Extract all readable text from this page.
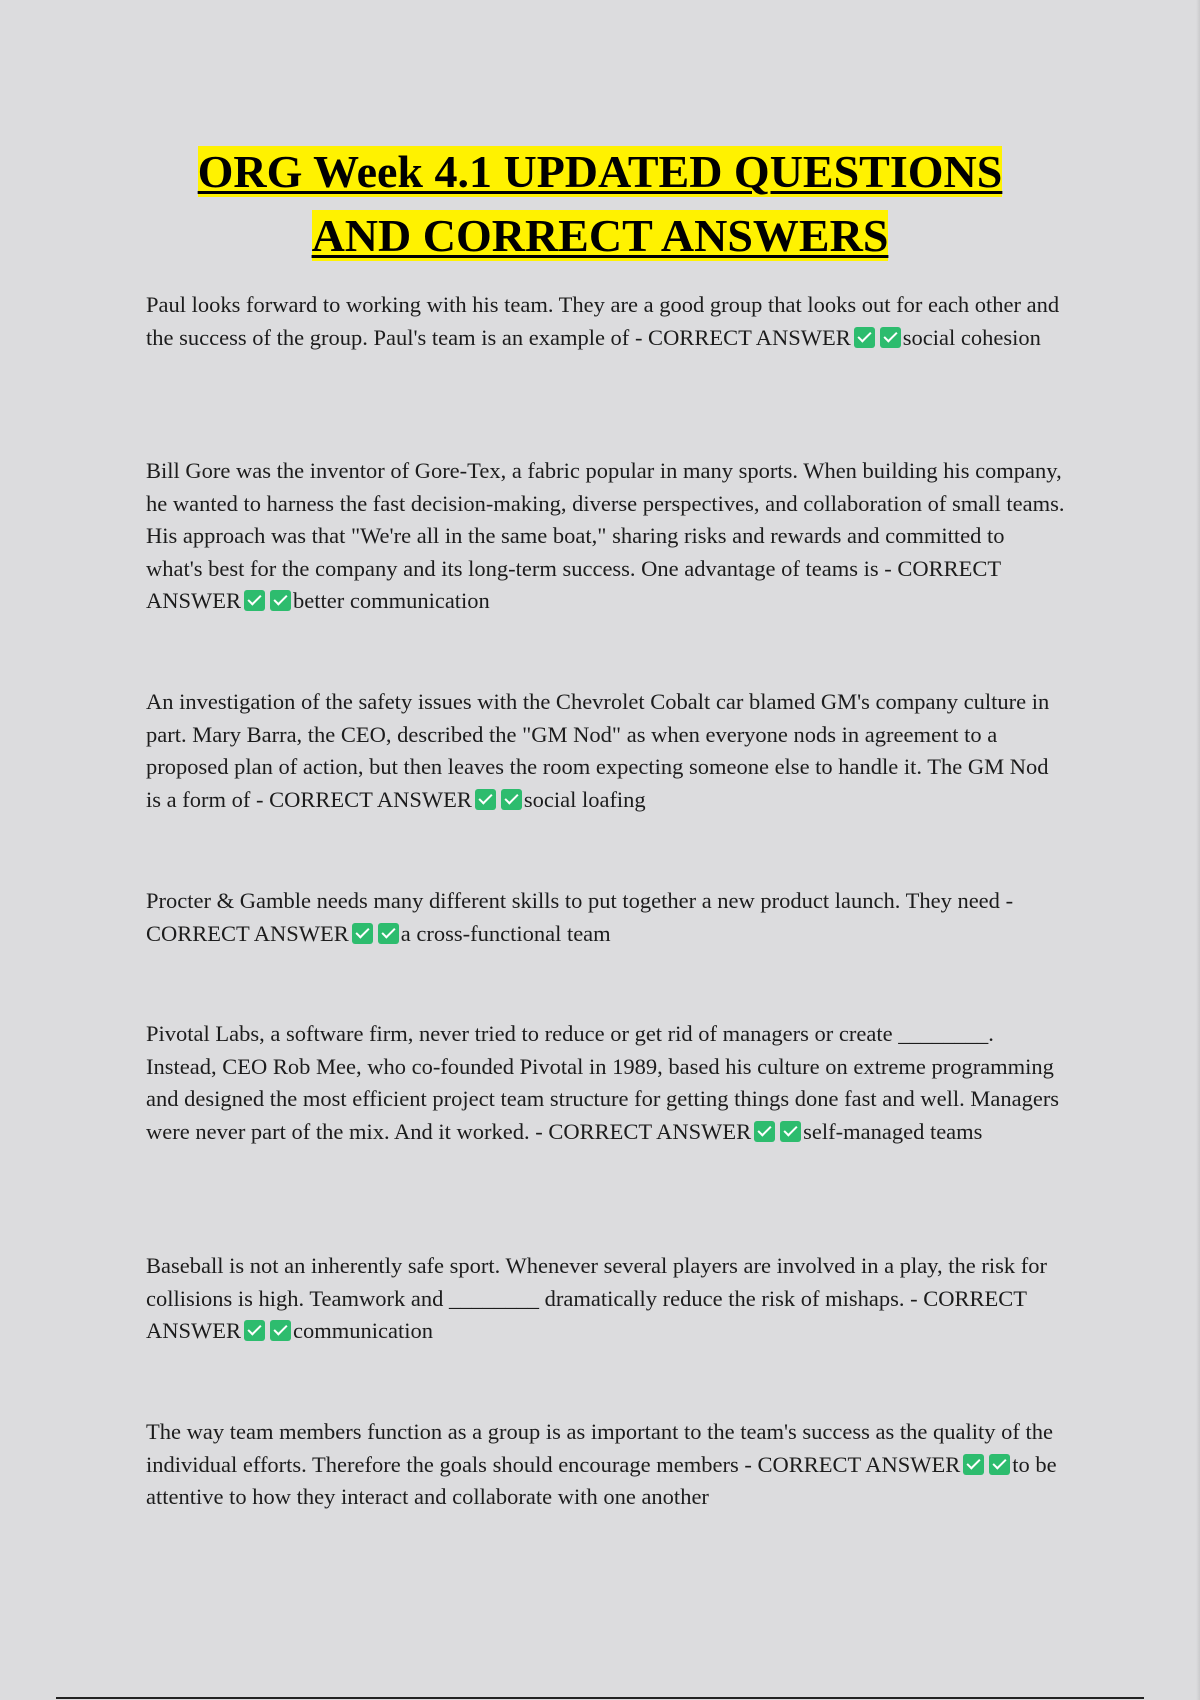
ORG Week 4.1 UPDATED QUESTIONS
AND CORRECT ANSWERS
Paul looks forward to working with his team. They are a good group that looks out for each other and the success of the group. Paul's team is an example of - CORRECT ANSWER social cohesion
Bill Gore was the inventor of Gore-Tex, a fabric popular in many sports. When building his company, he wanted to harness the fast decision-making, diverse perspectives, and collaboration of small teams. His approach was that "We're all in the same boat," sharing risks and rewards and committed to what's best for the company and its long-term success. One advantage of teams is - CORRECT ANSWER better communication
An investigation of the safety issues with the Chevrolet Cobalt car blamed GM's company culture in part. Mary Barra, the CEO, described the "GM Nod" as when everyone nods in agreement to a proposed plan of action, but then leaves the room expecting someone else to handle it. The GM Nod is a form of - CORRECT ANSWER social loafing
Procter & Gamble needs many different skills to put together a new product launch. They need - CORRECT ANSWER a cross-functional team
Pivotal Labs, a software firm, never tried to reduce or get rid of managers or create ________. Instead, CEO Rob Mee, who co-founded Pivotal in 1989, based his culture on extreme programming and designed the most efficient project team structure for getting things done fast and well. Managers were never part of the mix. And it worked. - CORRECT ANSWER self-managed teams
Baseball is not an inherently safe sport. Whenever several players are involved in a play, the risk for collisions is high. Teamwork and ________ dramatically reduce the risk of mishaps. - CORRECT ANSWER communication
The way team members function as a group is as important to the team's success as the quality of the individual efforts. Therefore the goals should encourage members - CORRECT ANSWER to be attentive to how they interact and collaborate with one another
